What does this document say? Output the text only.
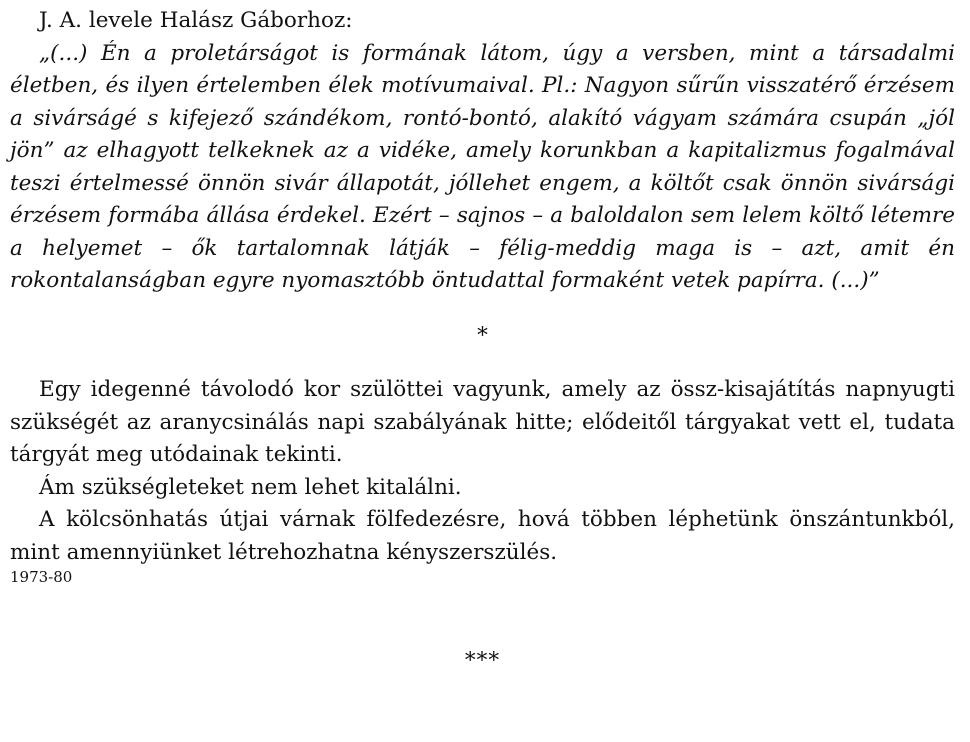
J. A. levele Halász Gáborhoz:

„(...) Én a proletárságot is formának látom, úgy a versben, mint a társadalmi életben, és ilyen értelemben élek motívumaival. Pl.: Nagyon sűrűn visszatérő érzésem a sivárságé s kifejező szándékom, rontó-bontó, alakító vágyam számára csupán „jól jön” az elhagyott telkeknek az a vidéke, amely korunkban a kapitalizmus fogalmával teszi értelmessé önnön sivár állapotát, jóllehet engem, a költőt csak önnön sivársági érzésem formába állása érdekel. Ezért – sajnos – a baloldalon sem lelem költő létemre a helyemet – ők tartalomnak látják – félig-meddig maga is – azt, amit én rokontalanságban egyre nyomasztóbb öntudattal formaként vetek papírra. (...)”

*

Egy idegenné távolodó kor szülöttei vagyunk, amely az össz-kisajátítás napnyugti szükségét az aranycsinálás napi szabályának hitte; elődeitől tárgyakat vett el, tudata tárgyát meg utódainak tekinti.

Ám szükségleteket nem lehet kitalálni.

A kölcsönhatás útjai várnak fölfedezésre, hová többen léphetünk önszántunkból, mint amennyiünket létrehozhatna kényszerszülés.

1973-80

***
